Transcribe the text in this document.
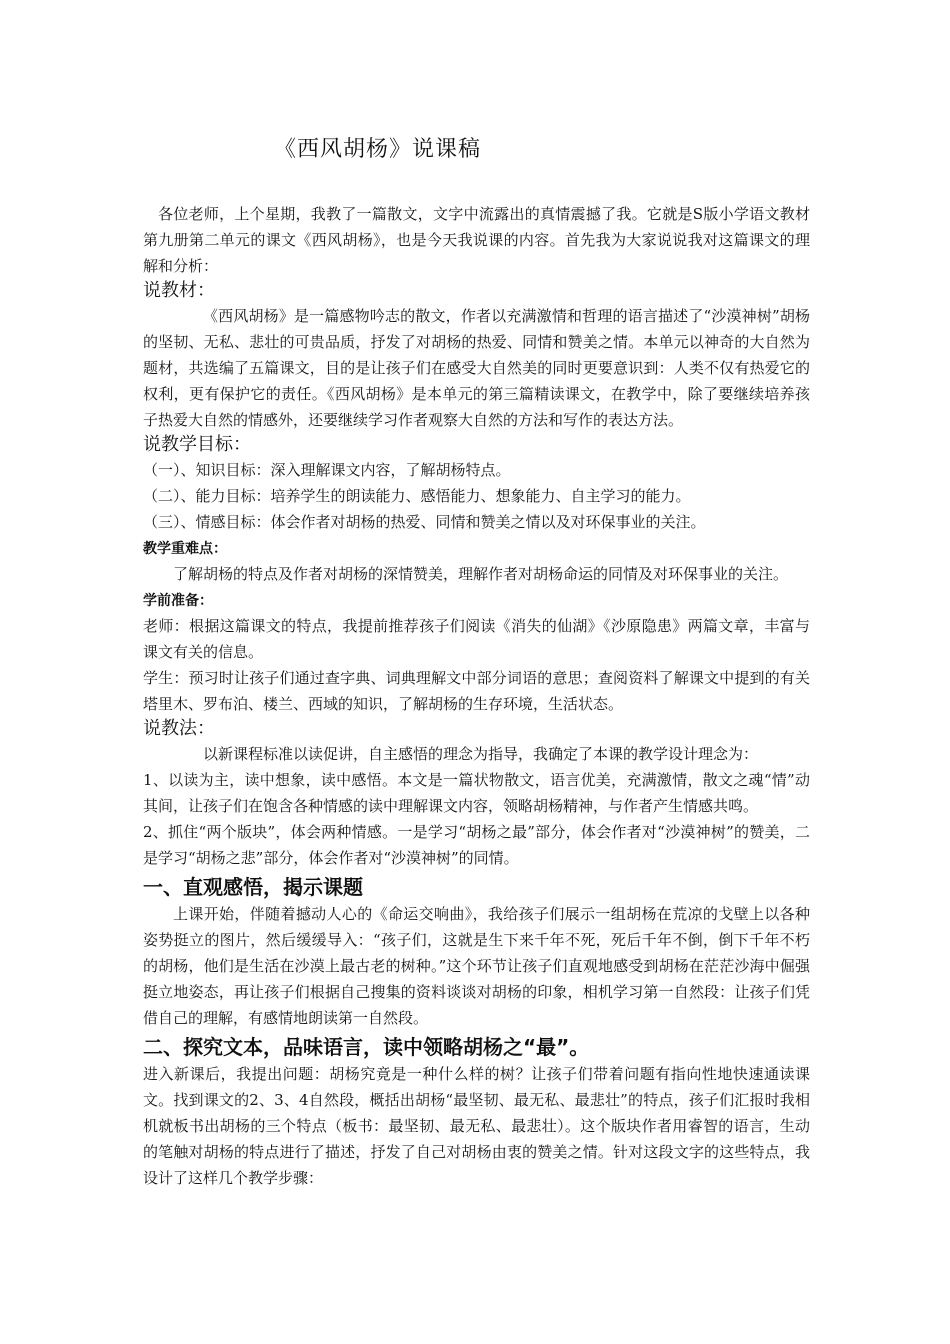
《西风胡杨》说课稿

各位老师，上个星期，我教了一篇散文，文字中流露出的真情震撼了我。它就是S版小学语文教材第九册第二单元的课文《西风胡杨》，也是今天我说课的内容。首先我为大家说说我对这篇课文的理解和分析：

说教材：

《西风胡杨》是一篇感物吟志的散文，作者以充满激情和哲理的语言描述了“沙漠神树”胡杨的坚韧、无私、悲壮的可贵品质，抒发了对胡杨的热爱、同情和赞美之情。本单元以神奇的大自然为题材，共选编了五篇课文，目的是让孩子们在感受大自然美的同时更要意识到：人类不仅有热爱它的权利，更有保护它的责任。《西风胡杨》是本单元的第三篇精读课文，在教学中，除了要继续培养孩子热爱大自然的情感外，还要继续学习作者观察大自然的方法和写作的表达方法。

说教学目标：

（一）、知识目标：深入理解课文内容，了解胡杨特点。

（二）、能力目标：培养学生的朗读能力、感悟能力、想象能力、自主学习的能力。

（三）、情感目标：体会作者对胡杨的热爱、同情和赞美之情以及对环保事业的关注。

教学重难点：

了解胡杨的特点及作者对胡杨的深情赞美，理解作者对胡杨命运的同情及对环保事业的关注。

学前准备：

老师：根据这篇课文的特点，我提前推荐孩子们阅读《消失的仙湖》《沙原隐患》两篇文章，丰富与课文有关的信息。

学生：预习时让孩子们通过查字典、词典理解文中部分词语的意思；查阅资料了解课文中提到的有关塔里木、罗布泊、楼兰、西域的知识，了解胡杨的生存环境，生活状态。

说教法：

以新课程标准以读促讲，自主感悟的理念为指导，我确定了本课的教学设计理念为：

1、以读为主，读中想象，读中感悟。本文是一篇状物散文，语言优美，充满激情，散文之魂“情”动其间，让孩子们在饱含各种情感的读中理解课文内容，领略胡杨精神，与作者产生情感共鸣。

2、抓住“两个版块”，体会两种情感。一是学习“胡杨之最”部分，体会作者对“沙漠神树”的赞美，二是学习“胡杨之悲”部分，体会作者对“沙漠神树”的同情。

一、直观感悟，揭示课题

上课开始，伴随着撼动人心的《命运交响曲》，我给孩子们展示一组胡杨在荒凉的戈壁上以各种姿势挺立的图片，然后缓缓导入：“孩子们，这就是生下来千年不死，死后千年不倒，倒下千年不朽的胡杨，他们是生活在沙漠上最古老的树种。”这个环节让孩子们直观地感受到胡杨在茫茫沙海中倔强挺立地姿态，再让孩子们根据自己搜集的资料谈谈对胡杨的印象，相机学习第一自然段：让孩子们凭借自己的理解，有感情地朗读第一自然段。

二、探究文本，品味语言，读中领略胡杨之“最”。

进入新课后，我提出问题：胡杨究竟是一种什么样的树？让孩子们带着问题有指向性地快速通读课文。找到课文的2、3、4自然段，概括出胡杨“最坚韧、最无私、最悲壮”的特点，孩子们汇报时我相机就板书出胡杨的三个特点（板书：最坚韧、最无私、最悲壮）。这个版块作者用睿智的语言，生动的笔触对胡杨的特点进行了描述，抒发了自己对胡杨由衷的赞美之情。针对这段文字的这些特点，我设计了这样几个教学步骤：
